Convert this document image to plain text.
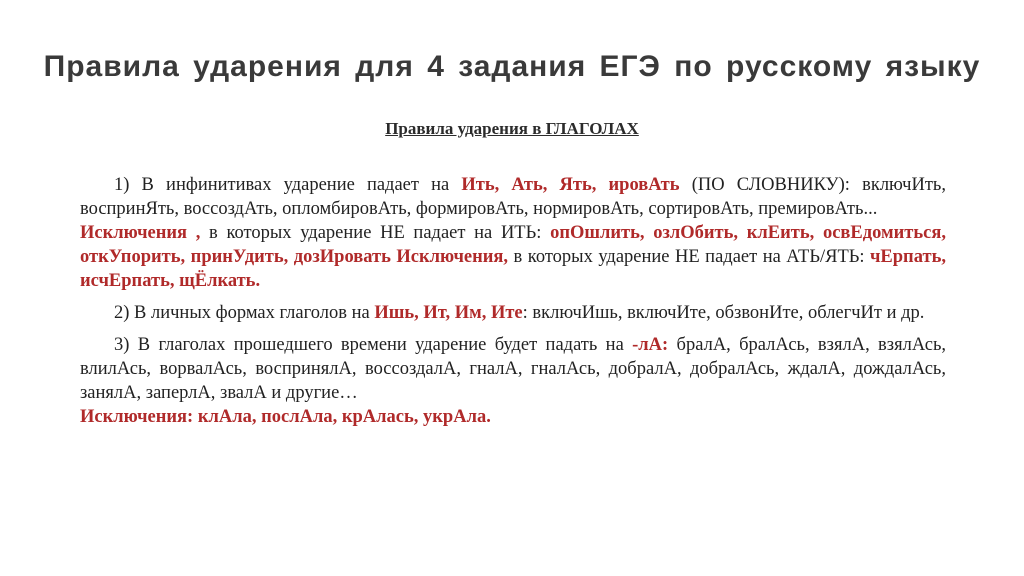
Правила ударения для 4 задания ЕГЭ по русскому языку
Правила ударения в ГЛАГОЛАХ

1) В инфинитивах ударение падает на Ить, Ать, Ять, ировАть (ПО СЛОВНИКУ): включИть, воспринЯть, воссоздАть, опломбировАть, формировАть, нормировАть, сортировАть, премировАть...
Исключения , в которых ударение НЕ падает на ИТЬ: опОшлить, озлОбить, клЕить, освЕдомиться, откУпорить, принУдить, дозИровать Исключения, в которых ударение НЕ падает на АТЬ/ЯТЬ: чЕрпать, исчЕрпать, щЁлкать.

2) В личных формах глаголов на Ишь, Ит, Им, Ите: включИшь, включИте, обзвонИте, облегчИт и др.

3) В глаголах прошедшего времени ударение будет падать на -лА: бралА, бралАсь, взялА, взялАсь, влилАсь, ворвалАсь, воспринялА, воссоздалА, гналА, гналАсь, добралА, добралАсь, ждалА, дождалАсь, занялА, заперлА, звалА и другие…
Исключения: клАла, послАла, крАлась, укрАла.
